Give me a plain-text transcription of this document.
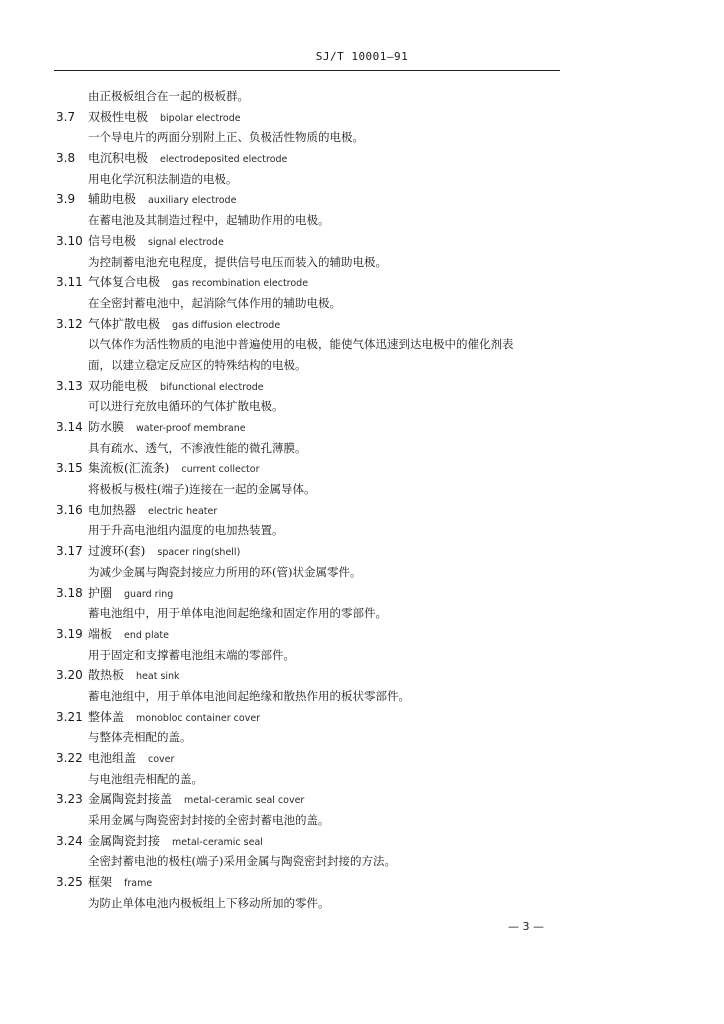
SJ/T 10001—91
由正极板组合在一起的极板群。
3.7	双极性电极 bipolar electrode
一个导电片的两面分别附上正、负极活性物质的电极。
3.8	电沉积电极 electrodeposited electrode
用电化学沉积法制造的电极。
3.9	辅助电极 auxiliary electrode
在蓄电池及其制造过程中，起辅助作用的电极。
3.10 信号电极 signal electrode
为控制蓄电池充电程度，提供信号电压而装入的辅助电极。
3.11 气体复合电极 gas recombination electrode
在全密封蓄电池中，起消除气体作用的辅助电极。
3.12 气体扩散电极 gas diffusion electrode
以气体作为活性物质的电池中普遍使用的电极，能使气体迅速到达电极中的催化剂表
面，以建立稳定反应区的特殊结构的电极。
3.13 双功能电极 bifunctional electrode
可以进行充放电循环的气体扩散电极。
3.14 防水膜 water-proof membrane
具有疏水、透气，不渗液性能的微孔薄膜。
3.15 集流板(汇流条) current collector
将极板与极柱(端子)连接在一起的金属导体。
3.16 电加热器 electric heater
用于升高电池组内温度的电加热装置。
3.17 过渡环(套) spacer ring(shell)
为减少金属与陶瓷封接应力所用的环(管)状金属零件。
3.18 护圈 guard ring
蓄电池组中，用于单体电池间起绝缘和固定作用的零部件。
3.19 端板 end plate
用于固定和支撑蓄电池组末端的零部件。
3.20 散热板 heat sink
蓄电池组中，用于单体电池间起绝缘和散热作用的板状零部件。
3.21 整体盖 monobloc container cover
与整体壳相配的盖。
3.22 电池组盖 cover
与电池组壳相配的盖。
3.23 金属陶瓷封接盖 metal-ceramic seal cover
采用金属与陶瓷密封封接的全密封蓄电池的盖。
3.24 金属陶瓷封接 metal-ceramic seal
全密封蓄电池的极柱(端子)采用金属与陶瓷密封封接的方法。
3.25 框架 frame
为防止单体电池内极板组上下移动所加的零件。
— 3 —
